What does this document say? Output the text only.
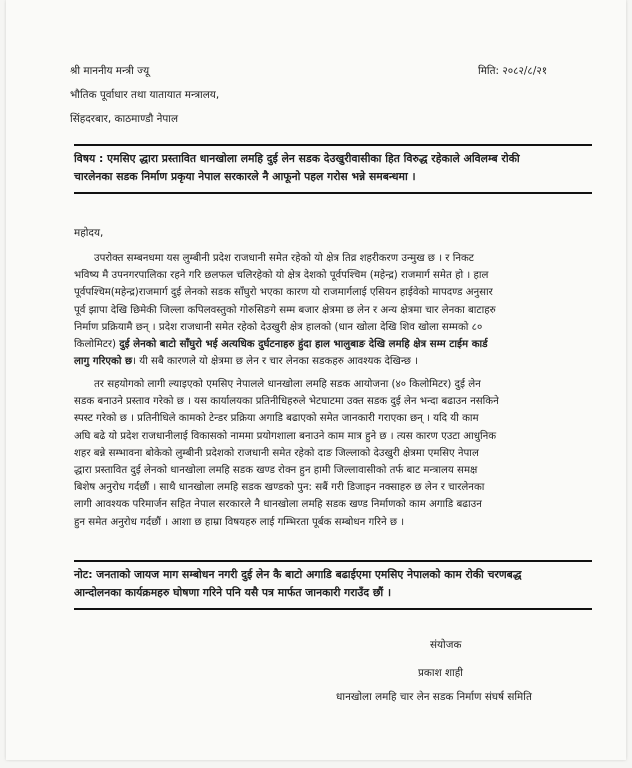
श्री माननीय मन्त्री ज्यू	मिति: २०८२/८/२१
भौतिक पूर्वाधार तथा यातायात मन्त्रालय,
सिंहदरबार, काठमाण्डौ नेपाल
विषय : एमसिए द्धारा प्रस्तावित धानखोला लमहि दुई लेन सडक देउखुरीवासीका हित विरुद्ध रहेकाले अविलम्ब रोकी
चारलेनका सडक निर्माण प्रकृया नेपाल सरकारले नै आफूनो पहल गरोस भन्ने समबन्धमा ।
महोदय,
उपरोक्त सम्बनधमा यस लुम्बीनी प्रदेश राजधानी समेत रहेको यो क्षेत्र तिव्र शहरीकरण उन्मुख छ । र निकट
भविष्य मै उपनगरपालिका रहने गरि छलफल चलिरहेको यो क्षेत्र देशको पूर्वपश्चिम (महेन्द्र) राजमार्ग समेत हो । हाल
पूर्वपश्चिम(महेन्द्र)राजमार्ग दुई लेनको सडक साँघुरो भएका कारण यो राजमार्गलाई एसियन हाईवेको मापदण्ड अनुसार
पूर्व झापा देखि छिमेकी जिल्ला कपिलवस्तुको गोरुसिङगे सम्म बजार क्षेत्रमा छ लेन र अन्य क्षेत्रमा चार लेनका बाटाहरु
निर्माण प्रक्रियामै छन् । प्रदेश राजधानी समेत रहेको देउखुरी क्षेत्र हालको (धान खोला देखि शिव खोला सम्मको ८०
किलोमिटर) दुई लेनको बाटो साँघुरो भई अत्यधिक दुर्घटनाहरु हुंदा हाल भालुबाङ देखि लमहि क्षेत्र सम्म टाईम कार्ड
लागु गरिएको छ। यी सबै कारणले यो क्षेत्रमा छ लेन र चार लेनका सडकहरु आवश्यक देखिन्छ ।
तर सहयोगको लागी ल्याइएको एमसिए नेपालले धानखोला लमहि सडक आयोजना (४० किलोमिटर) दुई लेन
सडक बनाउने प्रस्ताव गरेको छ । यस कार्यालयका प्रतिनीधिहरुले भेटघाटमा उक्त सडक दुई लेन भन्दा बढाउन नसकिने
स्पस्ट गरेको छ । प्रतिनीधिले कामको टेन्डर प्रक्रिया अगाडि बढाएको समेत जानकारी गराएका छन् । यदि यी काम
अघि बढे यो प्रदेश राजधानीलाई विकासको नाममा प्रयोगशाला बनाउने काम मात्र हुने छ । त्यस कारण एउटा आधुनिक
शहर बन्ने सम्भावना बोकेको लुम्बीनी प्रदेशको राजधानी समेत रहेको दाङ जिल्लाको देउखुरी क्षेत्रमा एमसिए नेपाल
द्धारा प्रस्तावित दुई लेनको धानखोला लमहि सडक खण्ड रोक्न हुन हामी जिल्लावासीको तर्फ बाट मन्त्रालय समक्ष
बिशेष अनुरोध गर्दछौं । साथै धानखोला लमहि सडक खण्डको पुन: सबैं गरी डिजाइन नक्साहरु छ लेन र चारलेनका
लागी आवश्यक परिमार्जन सहित नेपाल सरकारले नै धानखोला लमहि सडक खण्ड निर्माणको काम अगाडि बढाउन
हुन समेत अनुरोध गर्दछौं । आशा छ हाम्रा विषयहरु लाई गम्भिरता पूर्बक सम्बोधन गरिने छ ।
नोट: जनताको जायज माग सम्बोधन नगरी दुई लेन कै बाटो अगाडि बढाईएमा एमसिए नेपालको काम रोकी चरणबद्ध
आन्दोलनका कार्यक्रमहरु घोषणा गरिने पनि यसै पत्र मार्फत जानकारी गराउँद छौं ।
संयोजक
प्रकाश शाही
धानखोला लमहि चार लेन सडक निर्माण संघर्ष समिति
